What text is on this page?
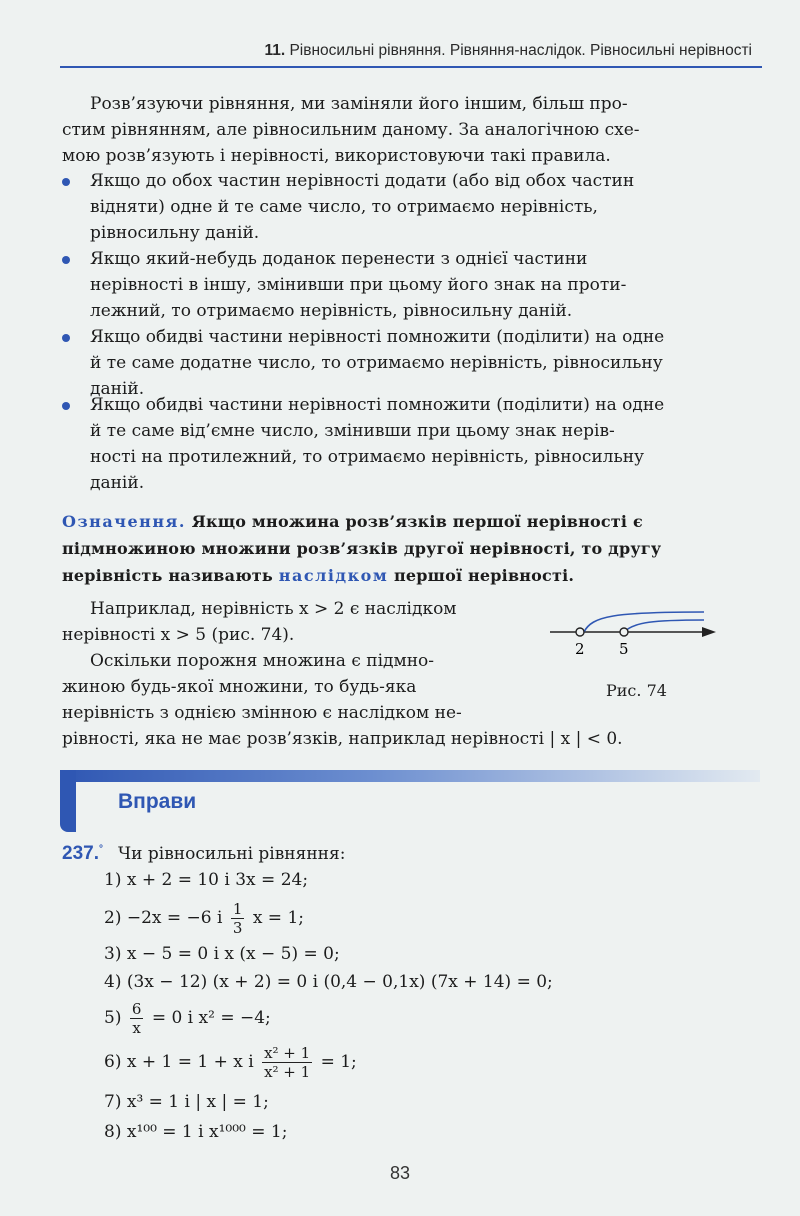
11. Рівносильні рівняння. Рівняння-наслідок. Рівносильні нерівності

Розв’язуючи рівняння, ми заміняли його іншим, більш про-

стим рівнянням, але рівносильним даному. За аналогічною схе-

мою розв’язують і нерівності, використовуючи такі правила.

Якщо до обох частин нерівності додати (або від обох частин

відняти) одне й те саме число, то отримаємо нерівність,

рівносильну даній.

Якщо який-небудь доданок перенести з однієї частини

нерівності в іншу, змінивши при цьому його знак на проти-

лежний, то отримаємо нерівність, рівносильну даній.

Якщо обидві частини нерівності помножити (поділити) на одне

й те саме додатне число, то отримаємо нерівність, рівносильну

даній.

Якщо обидві частини нерівності помножити (поділити) на одне

й те саме від’ємне число, змінивши при цьому знак нерів-

ності на протилежний, то отримаємо нерівність, рівносильну

даній.

Означення. Якщо множина розв’язків першої нерівності є

підмножиною множини розв’язків другої нерівності, то другу

нерівність називають наслідком першої нерівності.

Наприклад, нерівність x > 2 є наслідком

нерівності x > 5 (рис. 74).

Оскільки порожня множина є підмно-

жиною будь-якої множини, то будь-яка

нерівність з однією змінною є наслідком не-

рівності, яка не має розв’язків, наприклад нерівності | x | < 0.

2 5
Рис. 74
Вправи
237.° Чи рівносильні рівняння:
1) x + 2 = 10 і 3x = 24;
2) −2x = −6 і $\frac{1}{3}$ x = 1;
3) x − 5 = 0 і x (x − 5) = 0;
4) (3x − 12) (x + 2) = 0 і (0,4 − 0,1x) (7x + 14) = 0;
$5) \frac{6}{x} = 0$ і x² = −4;
6) x + 1 = 1 + x і $\frac{\text{x² + 1}}{\text{x² + 1}} = 1$;
7) x³ = 1 і | x | = 1;
8) x¹⁰⁰ = 1 і x¹⁰⁰⁰ = 1;
83
